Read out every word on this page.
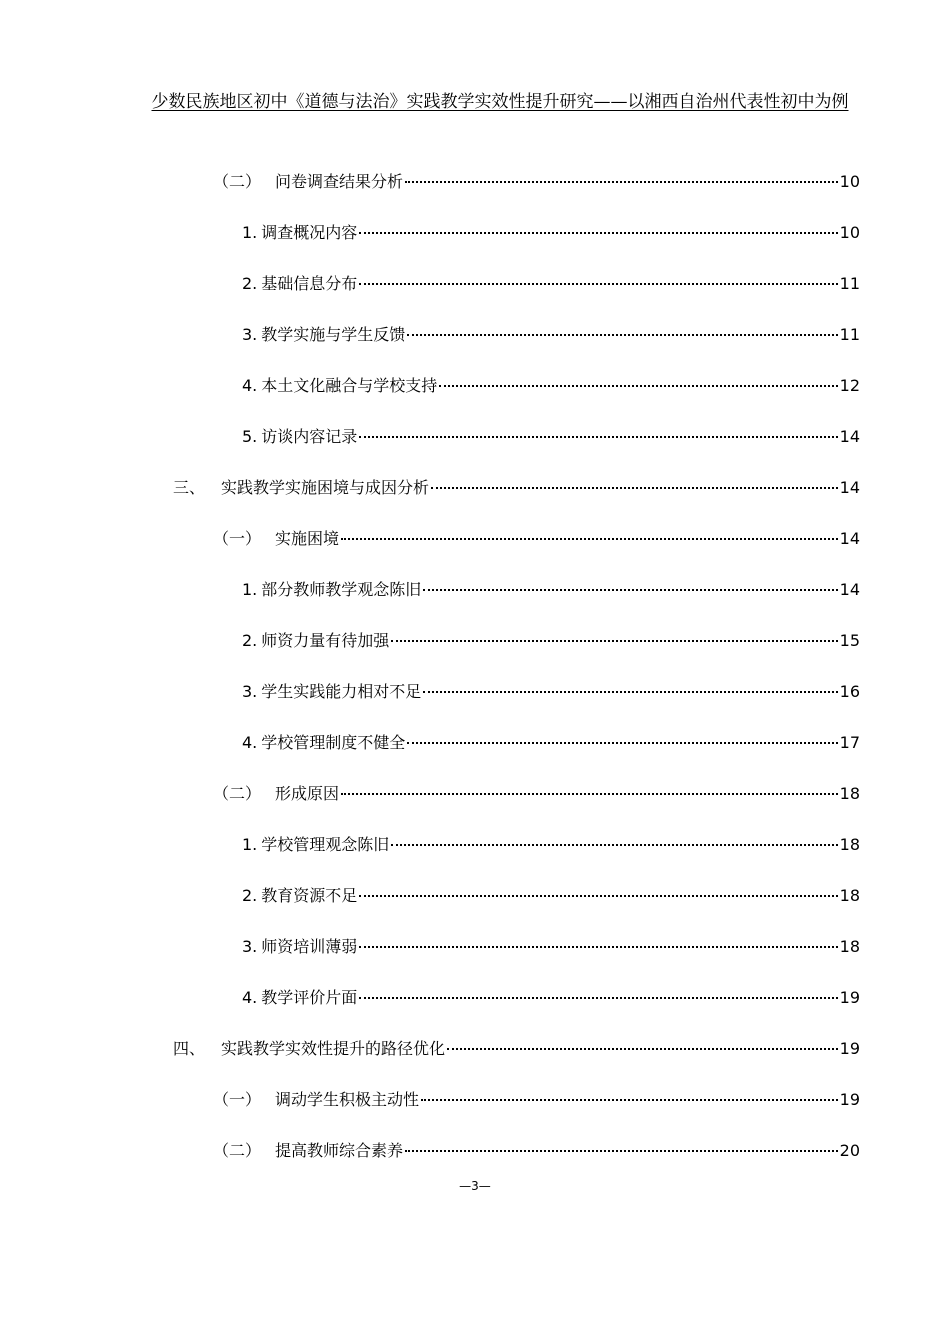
少数民族地区初中《道德与法治》实践教学实效性提升研究——以湘西自治州代表性初中为例
（二） 问卷调查结果分析	10
1. 调查概况内容	10
2. 基础信息分布	11
3. 教学实施与学生反馈	11
4. 本土文化融合与学校支持	12
5. 访谈内容记录	14
三、 实践教学实施困境与成因分析	14
（一） 实施困境	14
1. 部分教师教学观念陈旧	14
2. 师资力量有待加强	15
3. 学生实践能力相对不足	16
4. 学校管理制度不健全	17
（二） 形成原因	18
1. 学校管理观念陈旧	18
2. 教育资源不足	18
3. 师资培训薄弱	18
4. 教学评价片面	19
四、 实践教学实效性提升的路径优化	19
（一） 调动学生积极主动性	19
（二） 提高教师综合素养	20
—3—
